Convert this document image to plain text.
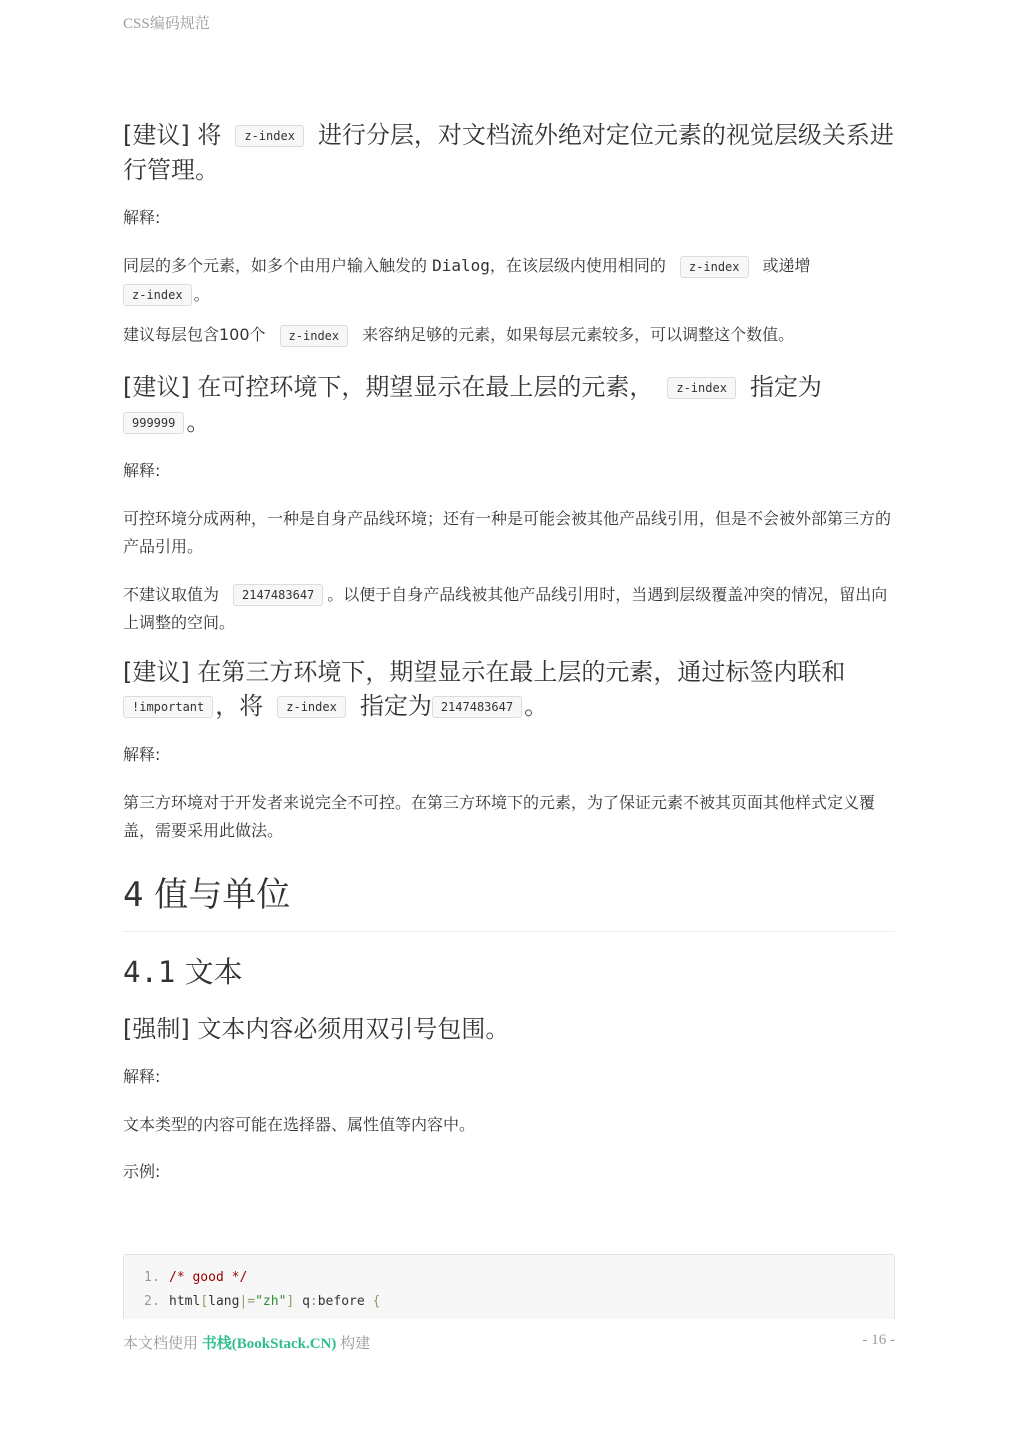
CSS编码规范
[建议] 将 z-index 进行分层，对文档流外绝对定位元素的视觉层级关系进行管理。
解释:

同层的多个元素，如多个由用户输入触发的 Dialog，在该层级内使用相同的 z-index 或递增
z-index 。

建议每层包含100个 z-index 来容纳足够的元素，如果每层元素较多，可以调整这个数值。

[建议] 在可控环境下，期望显示在最上层的元素， z-index 指定为
999999 。
解释:

可控环境分成两种，一种是自身产品线环境；还有一种是可能会被其他产品线引用，但是不会被外部第三方的产品引用。

不建议取值为 2147483647 。以便于自身产品线被其他产品线引用时，当遇到层级覆盖冲突的情况，留出向上调整的空间。

[建议] 在第三方环境下，期望显示在最上层的元素，通过标签内联和
!important ，将 z-index 指定为 2147483647 。
解释:

第三方环境对于开发者来说完全不可控。在第三方环境下的元素，为了保证元素不被其页面其他样式定义覆盖，需要采用此做法。

4 值与单位
4.1 文本
[强制] 文本内容必须用双引号包围。
解释:

文本类型的内容可能在选择器、属性值等内容中。

示例:
1. /* good */
2. html[lang|="zh"] q:before {
本文档使用 书栈(BookStack.CN) 构建	- 16 -
